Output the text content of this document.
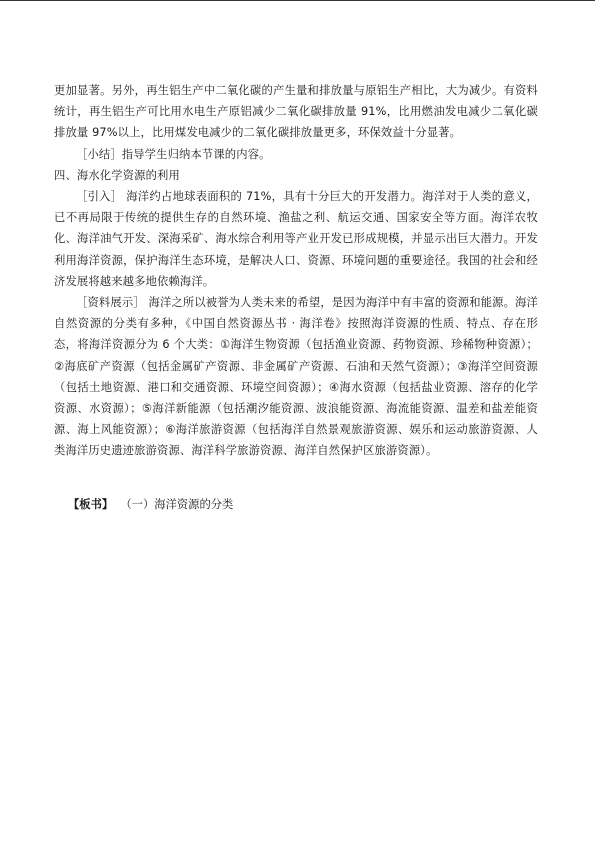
更加显著。另外，再生铝生产中二氧化碳的产生量和排放量与原铝生产相比，大为减少。有资料统计，再生铝生产可比用水电生产原铝减少二氧化碳排放量 91%，比用燃油发电减少二氧化碳排放量 97%以上，比用煤发电减少的二氧化碳排放量更多，环保效益十分显著。

［小结］指导学生归纳本节课的内容。

四、海水化学资源的利用

［引入］ 海洋约占地球表面积的 71%，具有十分巨大的开发潜力。海洋对于人类的意义，已不再局限于传统的提供生存的自然环境、渔盐之利、航运交通、国家安全等方面。海洋农牧化、海洋油气开发、深海采矿、海水综合利用等产业开发已形成规模，并显示出巨大潜力。开发利用海洋资源，保护海洋生态环境，是解决人口、资源、环境问题的重要途径。我国的社会和经济发展将越来越多地依赖海洋。

［资料展示］ 海洋之所以被誉为人类未来的希望，是因为海洋中有丰富的资源和能源。海洋自然资源的分类有多种，《中国自然资源丛书 · 海洋卷》按照海洋资源的性质、特点、存在形态，将海洋资源分为 6 个大类：①海洋生物资源（包括渔业资源、药物资源、珍稀物种资源）；②海底矿产资源（包括金属矿产资源、非金属矿产资源、石油和天然气资源）；③海洋空间资源（包括土地资源、港口和交通资源、环境空间资源）；④海水资源（包括盐业资源、溶存的化学资源、水资源）；⑤海洋新能源（包括潮汐能资源、波浪能资源、海流能资源、温差和盐差能资源、海上风能资源）；⑥海洋旅游资源（包括海洋自然景观旅游资源、娱乐和运动旅游资源、人类海洋历史遗迹旅游资源、海洋科学旅游资源、海洋自然保护区旅游资源）。

【板书】  （一）海洋资源的分类
